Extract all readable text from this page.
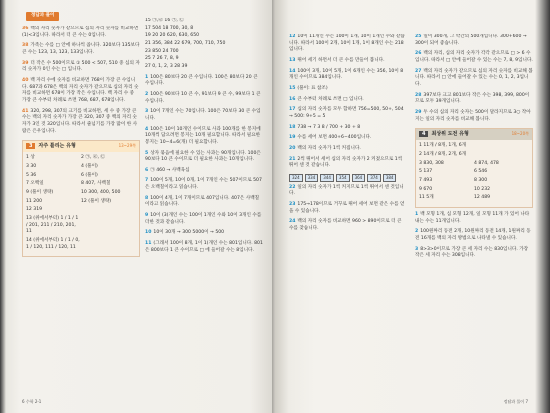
정답과 풀이
36 백의 자리 숫자가 같으므로 십의 자리 숫자를 비교하면 (1)<3입니다. 따라서 더 큰 수는 0입니다.
38 가족는 수를 □ 안에 하나씩 씁니다. 320보다 135보다 큰 수는 123, 13, 123, 133입니다.
39 더 작은 수 500이므로 ① 500 < 507, 510 중 십의 자리 숫자가 0인 수는 □ 입니다.
40 백 자리 수에 숫자를 비교하면 768이 가장 큰 수입니다. 687과 678은 백의 자리 숫자가 같으므로 십의 자리 숫자를 비교하면 678이 가장 작은 수입니다. 백 자리 수 중 가장 큰 수부터 차례로 쓰면 768, 687, 678입니다.
41 320, 298, 307의 크기를 비교하면, 세 수 중 가장 큰 수는 백의 자리 숫자가 가장 큰 320, 307 중 백의 자리 숫자가 3인 것 320입니다. 따라서 줄넘기를 가장 많이 한 사람은 은우입니다.
3 자주 틀리는 유형	13~29쪽
1 상	2 ㉠, ㉣, ㉢
3 30	4 (풀이)
5 36	6 (풀이)
7 오백일	8 407, 사백칠
9 (풀이 생략)	10 300, 400, 500
11 200	12 (풀이 생략)
12 319
13 (위에서부터) 1 / 1 / 1 / 201, 211 / 210, 201, 11
14 (위에서부터) 1 / 1 / 0, 1 / 120, 111 / 120, 11
15 ㉠,㉣ 16 ㉠, ㉢
17 504 18 700, 30, 8
19 20 20 620, 630, 650
21 356, 384 22 679, 700, 710, 750
23 850 24 700
25 7 26 7, 8, 9
27 0, 1, 2, 3 28 39
1 100은 80보다 20 큰 수입니다. 100은 80보다 20 큰 수입니다.
2 100은 90보다 10 큰 수, 91보다 9 큰 수, 99보다 1 큰 수입니다.
3 10이 7개인 수는 70입니다. 100은 70보다 30 큰 수입니다.
4 100은 10이 10개인 수이므로 사과 100개를 한 봉지에 10개씩 담으려면 봉지는 10개 필요합니다. 따라서 필요한 봉지는 10−4=6(개) 더 필요합니다.
5 상자 묶음에 필요한 수 있는 사과는 90개입니다. 100은 90보다 10 큰 수이므로 더 필요한 사과는 10개입니다.
6 ㉠ 460 → 사백육십
7 100이 5개, 10이 0개, 1이 7개인 수는 507이므로 507은 오백칠이라고 읽습니다.
8 100이 4개, 1이 7개이므로 407입니다. 407은 사백칠이라고 읽습니다.
9 10이 (3)개인 수는 100이 1개인 수와 10이 3개인 수를 더한 것과 같습니다.
10 10이 30개 → 300 5000이 → 500
11 (그래서 100이 8개, 1이 1)개인 수는 801입니다. 801은 800보다 1 큰 수이므로 □ 에 들어갈 수는 8입니다.
6 수학 2-1
12 10이 11개인 수는 100이 1개, 10이 1개인 수와 같습니다. 따라서 100이 2개, 10이 1개, 1이 8개인 수는 218입니다.
13 뛰어 세기 하면서 더 큰 수를 만들어 봅니다.
14 100이 3개, 10이 5개, 1이 6개인 수는 356, 10이 8개인 수이므로 384입니다.
15 (풀이: 표 참조)
16 큰 수부터 차례로 쓰면 □ 입니다.
17 십의 자리 숫자를 모두 합하면 756=500, 50+, 504 → 500: 9+5 = 5
18 738 → 7 3 8 / 700 + 30 + 8
19 수를 세어 보면 400+6−400입니다.
20 백의 자리 숫자가 1씩 커집니다.
21 2씩 뛰어서 세어 십의 자리 숫자가 2 커졌으므로 1씩 뛰어 센 것 같습니다.
324	334	344	354	364	374	384
22 일의 자리 숫자가 1씩 커지므로 1씩 뛰어서 센 것입니다.
23 175→178이므로 거꾸로 뛰어 세어 보면 같은 수를 얻을 수 있습니다.
24 백의 자리 숫자를 비교하면 960 > 890이므로 더 큰 수를 찾습니다.
25 일이 300개, 그 약간의 500개입니다. 300+600 → 300이 되어 좋습니다.
26 백의 자리, 십의 자리 숫자가 각각 같으므로 □ > 6 수입니다. 따라서 □ 안에 들어갈 수 있는 수는 7, 8, 9입니다.
27 백의 자리 숫자가 같으므로 십의 자리 숫자를 비교해 봅니다. 따라서 □ 안에 들어갈 수 있는 수는 0, 1, 2, 3입니다.
28 397보다 크고 801보다 작은 수는 398, 399, 800이므로 모두 39개입니다.
29 두 수의 십의 자리 숫자는 500이 달라지므로 3○ 작아지는 일의 자리 숫자를 비교해 봅니다.
4 최상위 도전 유형	18~20쪽
1 11개 / 8개, 1개, 6개
2 14개 / 8개, 2개, 6개
3 830, 308	4 874, 478
5 137	6 546
7 493	8 300
9 670	10 232
11 5개	12 489
1 백 모형 1개, 십 모형 12개, 일 모형 11개 가 있어 나타내는 수는 11개입니다.
2 100원짜리 동전 2개, 10원짜리 동전 14개, 1원짜리 동전 16개를 백의 자리 방법으로 나타낼 수 있습니다.
3 8>3>0이므로 가장 큰 세 자리 수는 830입니다. 가장 작은 세 자리 수는 308입니다.
정답과 풀이 7
